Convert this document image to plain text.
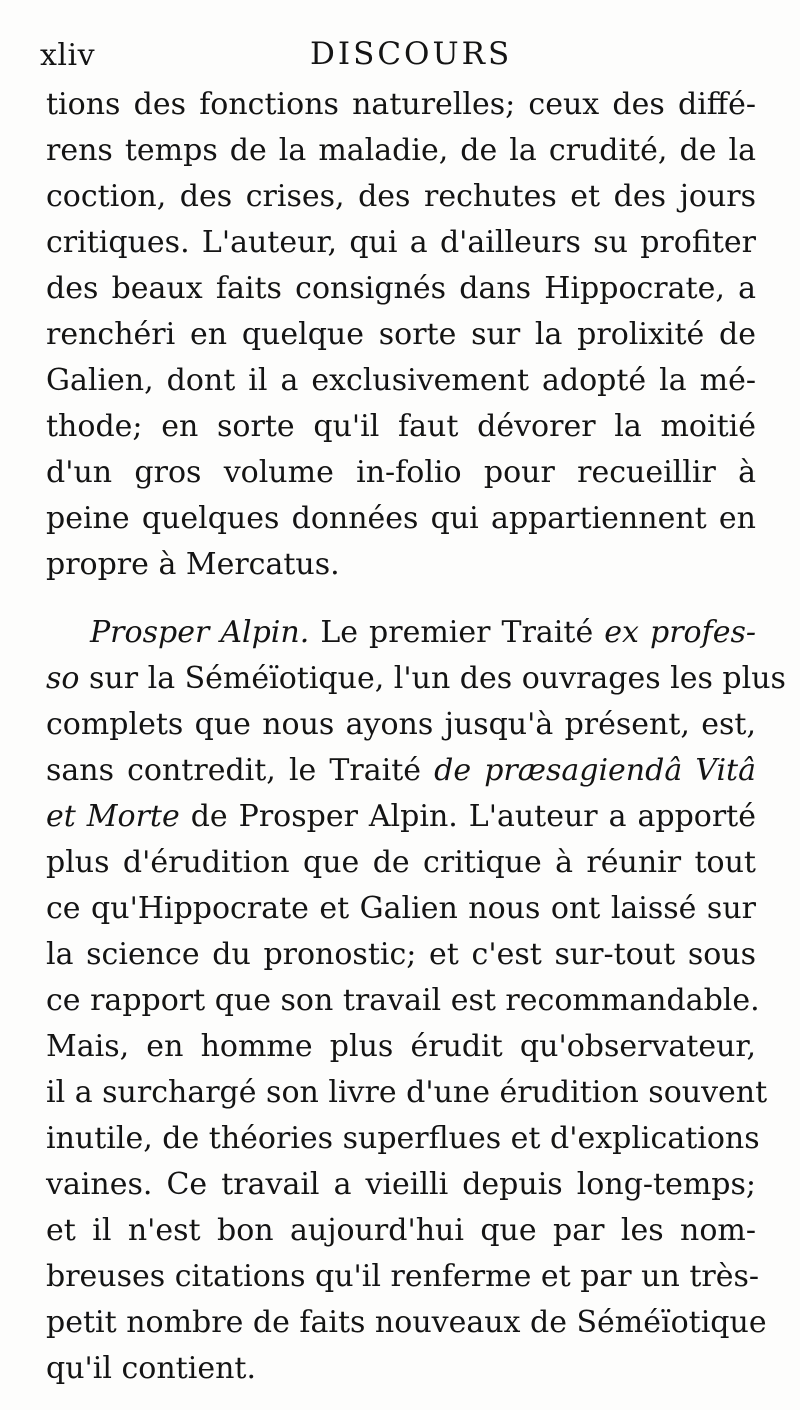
xliv	DISCOURS
tions des fonctions naturelles; ceux des diffé-
rens temps de la maladie, de la crudité, de la
coction, des crises, des rechutes et des jours
critiques. L'auteur, qui a d'ailleurs su profiter
des beaux faits consignés dans Hippocrate, a
renchéri en quelque sorte sur la prolixité de
Galien, dont il a exclusivement adopté la mé-
thode; en sorte qu'il faut dévorer la moitié
d'un gros volume in-folio pour recueillir à
peine quelques données qui appartiennent en
propre à Mercatus.
Prosper Alpin. Le premier Traité ex profes-
so sur la Séméïotique, l'un des ouvrages les plus
complets que nous ayons jusqu'à présent, est,
sans contredit, le Traité de præsagiendâ Vitâ
et Morte de Prosper Alpin. L'auteur a apporté
plus d'érudition que de critique à réunir tout
ce qu'Hippocrate et Galien nous ont laissé sur
la science du pronostic; et c'est sur-tout sous
ce rapport que son travail est recommandable.
Mais, en homme plus érudit qu'observateur,
il a surchargé son livre d'une érudition souvent
inutile, de théories superflues et d'explications
vaines. Ce travail a vieilli depuis long-temps;
et il n'est bon aujourd'hui que par les nom-
breuses citations qu'il renferme et par un très-
petit nombre de faits nouveaux de Séméïotique
qu'il contient.
